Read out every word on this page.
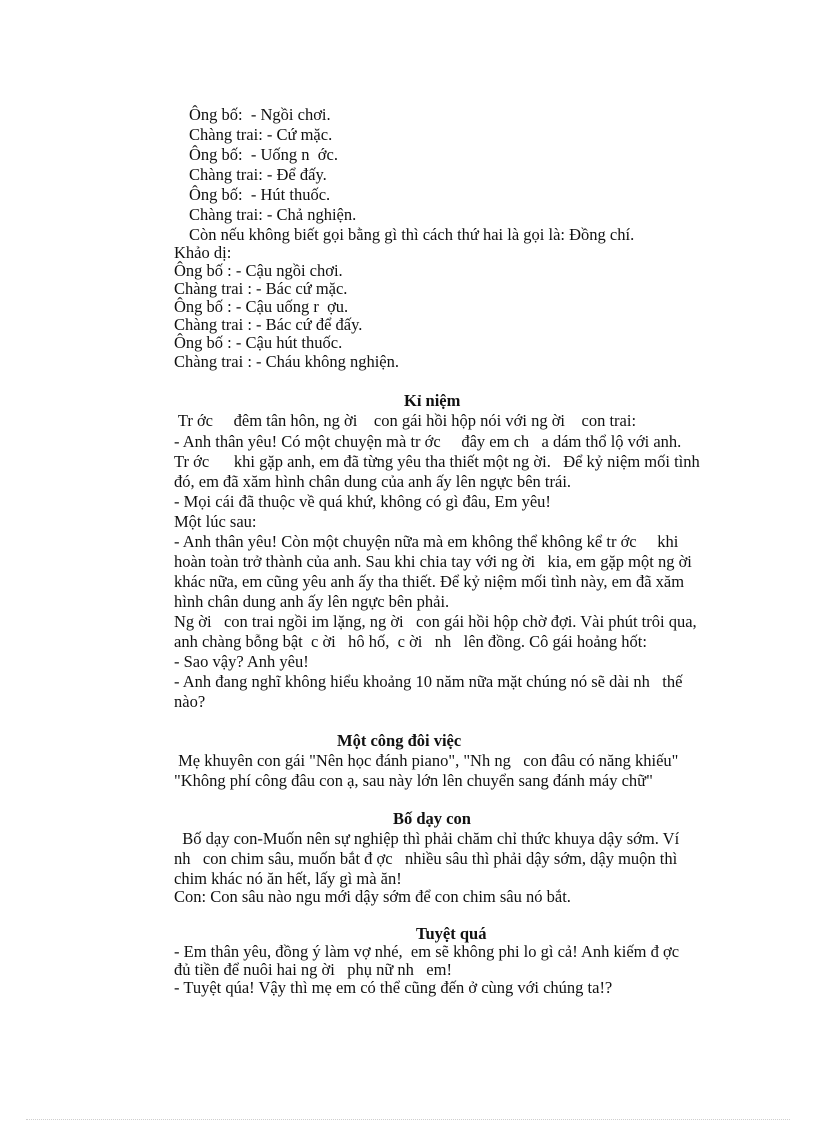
Ông bố:  - Ngồi chơi.
Chàng trai: - Cứ mặc.
Ông bố:  - Uống n  ớc.
Chàng trai: - Để đấy.
Ông bố:  - Hút thuốc.
Chàng trai: - Chả nghiện.
Còn nếu không biết gọi bằng gì thì cách thứ hai là gọi là: Đồng chí.
Khảo dị:
Ông bố : - Cậu ngồi chơi.
Chàng trai : - Bác cứ mặc.
Ông bố : - Cậu uống r  ợu.
Chàng trai : - Bác cứ để đấy.
Ông bố : - Cậu hút thuốc.
Chàng trai : - Cháu không nghiện.
Kỉ niệm
Tr ớc     đêm tân hôn, ng ời    con gái hồi hộp nói với ng ời    con trai:
- Anh thân yêu! Có một chuyện mà tr ớc     đây em ch   a dám thổ lộ với anh.
Tr ớc      khi gặp anh, em đã từng yêu tha thiết một ng ời.   Để kỷ niệm mối tình
đó, em đã xăm hình chân dung của anh ấy lên ngực bên trái.
- Mọi cái đã thuộc về quá khứ, không có gì đâu, Em yêu!
Một lúc sau:
- Anh thân yêu! Còn một chuyện nữa mà em không thể không kể tr ớc     khi
hoàn toàn trở thành của anh. Sau khi chia tay với ng ời   kia, em gặp một ng ời
khác nữa, em cũng yêu anh ấy tha thiết. Để kỷ niệm mối tình này, em đã xăm
hình chân dung anh ấy lên ngực bên phải.
Ng ời   con trai ngồi im lặng, ng ời   con gái hồi hộp chờ đợi. Vài phút trôi qua,
anh chàng bỗng bật  c ời   hô hố,  c ời   nh   lên đồng. Cô gái hoảng hốt:
- Sao vậy? Anh yêu!
- Anh đang nghĩ không hiểu khoảng 10 năm nữa mặt chúng nó sẽ dài nh   thế
nào?
Một công đôi việc
Mẹ khuyên con gái "Nên học đánh piano", "Nh ng   con đâu có năng khiếu"
"Không phí công đâu con ạ, sau này lớn lên chuyển sang đánh máy chữ"
Bố dạy con
Bố dạy con-Muốn nên sự nghiệp thì phải chăm chỉ thức khuya dậy sớm. Ví
nh   con chim sâu, muốn bắt đ ợc   nhiều sâu thì phải dậy sớm, dậy muộn thì
chim khác nó ăn hết, lấy gì mà ăn!
Con: Con sâu nào ngu mới dậy sớm để con chim sâu nó bắt.
Tuyệt quá
- Em thân yêu, đồng ý làm vợ nhé,  em sẽ không phi lo gì cả! Anh kiếm đ ợc
đủ tiền để nuôi hai ng ời   phụ nữ nh   em!
- Tuyệt qúa! Vậy thì mẹ em có thể cũng đến ở cùng với chúng ta!?
